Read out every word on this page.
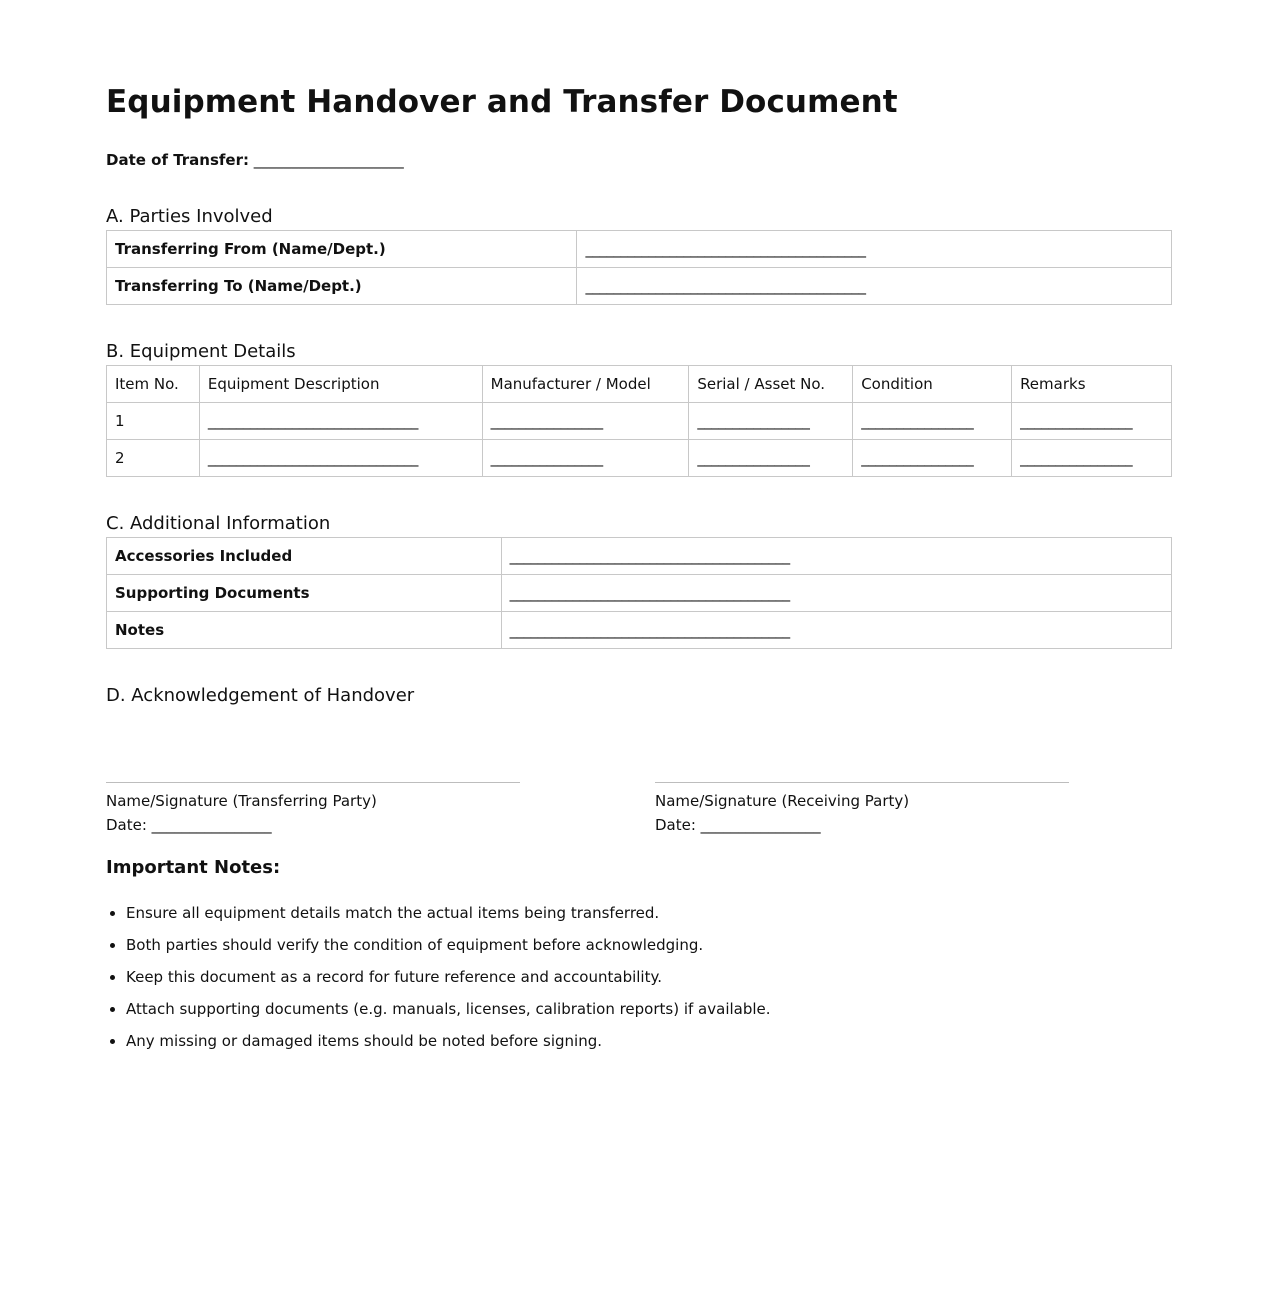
Equipment Handover and Transfer Document
Date of Transfer: ____________________
A. Parties Involved
Transferring From (Name/Dept.)	________________________________________
Transferring To (Name/Dept.)	________________________________________
B. Equipment Details
Item No.	Equipment Description	Manufacturer / Model	Serial / Asset No.	Condition	Remarks
1	______________________________	________________	________________	________________	________________
2	______________________________	________________	________________	________________	________________
C. Additional Information
Accessories Included	________________________________________
Supporting Documents	________________________________________
Notes	________________________________________
D. Acknowledgement of Handover
Name/Signature (Transferring Party)
Date: ________________
Name/Signature (Receiving Party)
Date: ________________
Important Notes:
• Ensure all equipment details match the actual items being transferred.
• Both parties should verify the condition of equipment before acknowledging.
• Keep this document as a record for future reference and accountability.
• Attach supporting documents (e.g. manuals, licenses, calibration reports) if available.
• Any missing or damaged items should be noted before signing.
